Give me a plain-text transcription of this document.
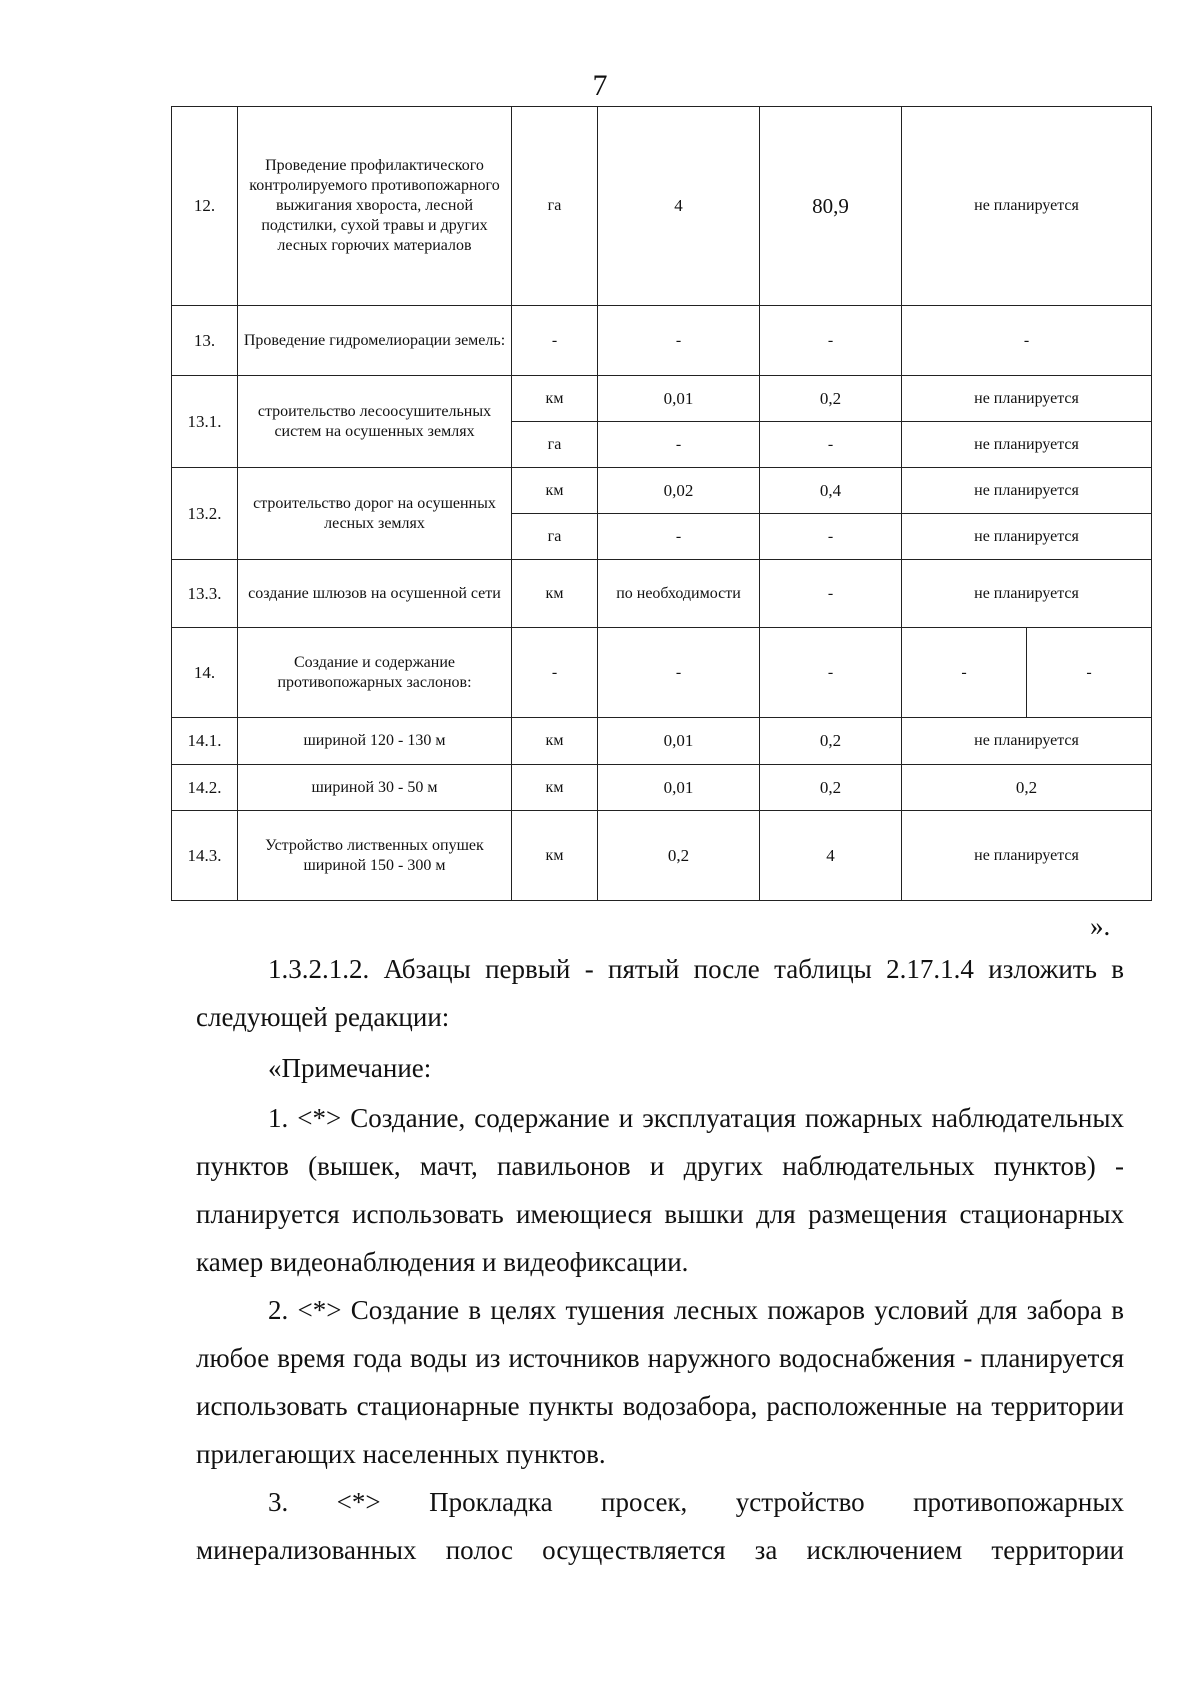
7
12.	Проведение профилактического контролируемого противопожарного выжигания хвороста, лесной подстилки, сухой травы и других лесных горючих материалов	га	4	80,9	не планируется	
13.	Проведение гидромелиорации земель:	-	-	-	-	
13.1.	строительство лесоосушительных систем на осушенных землях	км	0,01	0,2	не планируется	
		га	-	-	не планируется	
13.2.	строительство дорог на осушенных лесных землях	км	0,02	0,4	не планируется	
		га	-	-	не планируется	
13.3.	создание шлюзов на осушенной сети	км	по необходимости	-	не планируется	
14.	Создание и содержание противопожарных заслонов:	-	-	-	-	-
14.1.	шириной 120 - 130 м	км	0,01	0,2	не планируется	
14.2.	шириной 30 - 50 м	км	0,01	0,2	0,2	
14.3.	Устройство лиственных опушек шириной 150 - 300 м	км	0,2	4	не планируется	
».
1.3.2.1.2. Абзацы первый - пятый после таблицы 2.17.1.4 изложить в
следующей редакции:
«Примечание:
1. <*> Создание, содержание и эксплуатация пожарных наблюдательных пунктов (вышек, мачт, павильонов и других наблюдательных пунктов) - планируется использовать имеющиеся вышки для размещения стационарных камер видеонаблюдения и видеофиксации.
2. <*> Создание в целях тушения лесных пожаров условий для забора в любое время года воды из источников наружного водоснабжения - планируется использовать стационарные пункты водозабора, расположенные на территории прилегающих населенных пунктов.
3. <*> Прокладка просек, устройство противопожарных минерализованных полос осуществляется за исключением территории
